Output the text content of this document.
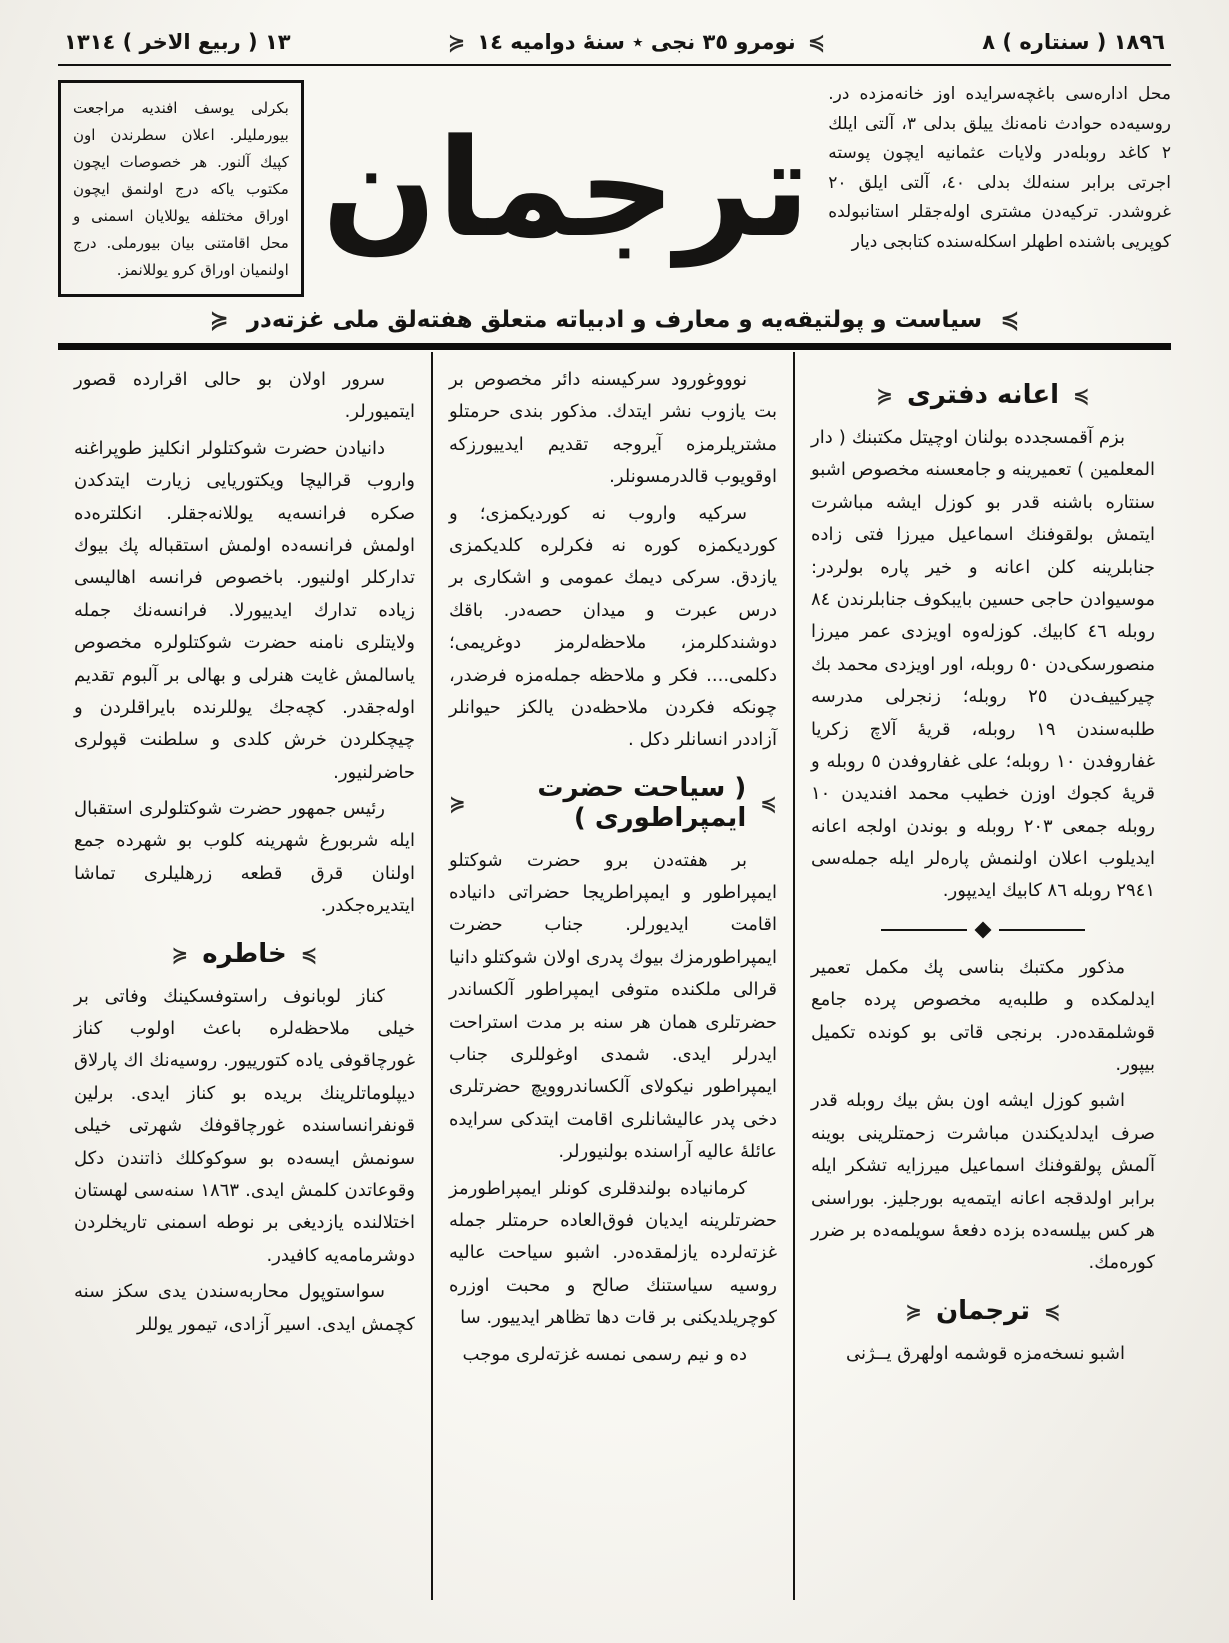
١٨٩٦ ( سنتاره ) ٨
≽
نومرو ٣٥ نجى ٭ سنهٔ دواميه ١٤
≼
١٣ ( ربيع الاخر ) ١٣١٤
محل اداره‌سى باغچه‌سرايده اوز خانه‌مزده در. روسيه‌ده حوادث نامه‌نك ييلق بدلى ٣، آلتى ايلك ٢ كاغد روبله‌در ولايات عثمانيه ايچون پوسته اجرتى برابر سنه‌لك بدلى ٤٠، آلتى ايلق ٢٠ غروشدر. تركيه‌دن مشترى اوله‌جقلر استانبولده كوپريى باشنده اطهلر اسكله‌سنده كتابجى ديار
ترجمان
بكرلى يوسف افنديه مراجعت بيورمليلر. اعلان سطرندن اون كپيك آلنور. هر خصوصات ايچون مكتوب ياكه درج اولنمق ايچون اوراق مختلفه يوللايان اسمنى و محل اقامتنى بيان بيورملى. درج اولنميان اوراق كرو يوللانمز.
≽
سياست و پولتيقه‌يه و معارف و ادبياته متعلق هفته‌لق ملى غزته‌در
≼
≽
اعانه دفترى
≼

بزم آقمسجدده بولنان اوچيتل مكتبنك ( دار المعلمين ) تعميرينه و جامعسنه مخصوص اشبو سنتاره باشنه قدر بو كوزل ايشه مباشرت ايتمش بولقوفنك اسماعيل ميرزا فتى زاده جنابلرينه كلن اعانه و خير پاره بولردر: موسيوادن حاجى حسين بايبكوف جنابلرندن ٨٤ روبله ٤٦ كابيك. كوزله‌وه اويزدى عمر ميرزا منصورسكى‌دن ٥٠ روبله، اور اويزدى محمد بك چيركييف‌دن ٢٥ روبله؛ زنجرلى مدرسه طلبه‌سندن ١٩ روبله، قريهٔ آلاچ زكريا غفاروفدن ١٠ روبله؛ على غفاروفدن ٥ روبله و قريهٔ كجوك اوزن خطيب محمد افنديدن ١٠ روبله جمعى ٢٠٣ روبله و بوندن اولجه اعانه ايديلوب اعلان اولنمش پاره‌لر ايله جمله‌سى ٢٩٤١ روبله ٨٦ كابيك ايديپور.

مذكور مكتبك بناسى پك مكمل تعمير ايدلمكده و طلبه‌يه مخصوص پرده جامع قوشلمقده‌در. برنجى قاتى بو كونده تكميل بيپور.

اشبو كوزل ايشه اون بش بيك روبله قدر صرف ايدلديكندن مباشرت زحمتلرينى بوينه آلمش پولقوفنك اسماعيل ميرزايه تشكر ايله برابر اولدقجه اعانه ايتمه‌يه بورجليز. بوراسنى هر كس بيلسه‌ده بزده دفعهٔ سويلمه‌ده بر ضرر كوره‌مك.

≽
ترجمان
≼

اشبو نسخه‌مزه قوشمه اولهرق يــژنى

نوووغورود سركيسنه دائر مخصوص بر بت يازوب نشر ايتدك. مذكور بندى حرمتلو مشتريلرمزه آيروجه تقديم ايدييورزكه اوقويوب قالدرمسونلر.

سركيه واروب نه كورديكمزى؛ و كورديكمزه كوره نه فكرلره كلديكمزى يازدق. سركى ديمك عمومى و اشكارى بر درس عبرت و ميدان حصه‌در. باقك دوشندكلرمز، ملاحظه‌لرمز دوغريمى؛ دكلمى.... فكر و ملاحظه جمله‌مزه فرضدر، چونكه فكردن ملاحظه‌دن يالكز حيوانلر آزاددر انسانلر دكل .

≽
( سياحت حضرت ايمپراطورى )
≼

بر هفته‌دن برو حضرت شوكتلو ايمپراطور و ايمپراطريجا حضراتى دانياده اقامت ايديورلر. جناب حضرت ايمپراطورمزك بيوك پدرى اولان شوكتلو دانيا قرالى ملكنده متوفى ايمپراطور آلكساندر حضرتلرى همان هر سنه بر مدت استراحت ايدرلر ايدى. شمدى اوغوللرى جناب ايمپراطور نيكولاى آلكساندروويچ حضرتلرى دخى پدر عاليشانلرى اقامت ايتدكى سرايده عائلهٔ عاليه آراسنده بولنيورلر.

كرمانياده بولندقلرى كونلر ايمپراطورمز حضرتلرينه ايديان فوق‌العاده حرمتلر جمله غزته‌لرده يازلمقده‌در. اشبو سياحت عاليه روسيه سياستنك صالح و محبت اوزره كوچريلديكنى بر قات دها تظاهر ايدييور. سا

ده و نيم رسمى نمسه غزته‌لرى موجب

سرور اولان بو حالى اقرارده قصور ايتميورلر.

دانيادن حضرت شوكتلولر انكليز طوپراغنه واروب قراليچا ويكتوريايى زيارت ايتدكدن صكره فرانسه‌يه يوللانه‌جقلر. انكلتره‌ده اولمش فرانسه‌ده اولمش استقباله پك بيوك تداركلر اولنيور. باخصوص فرانسه اهاليسى زياده تدارك ايدييورلا. فرانسه‌نك جمله ولايتلرى نامنه حضرت شوكتلولره مخصوص ياسالمش غايت هنرلى و بهالى بر آلبوم تقديم اوله‌جقدر. كچه‌جك يوللرنده بايراقلردن و چيچكلردن خرش كلدى و سلطنت قپولرى حاضرلنيور.

رئيس جمهور حضرت شوكتلولرى استقبال ايله شربورغ شهرينه كلوب بو شهرده جمع اولنان قرق قطعه زرهليلرى تماشا ايتديره‌جكدر.

≽
خاطره
≼

كناز لوبانوف راستوفسكينك وفاتى بر خيلى ملاحظه‌لره باعث اولوب كناز غورچاقوفى ياده كتورييور. روسيه‌نك اك پارلاق ديپلوماتلرينك بريده بو كناز ايدى. برلين قونفرانساسنده غورچاقوفك شهرتى خيلى سونمش ايسه‌ده بو سوكوكلك ذاتندن دكل وقوعاتدن كلمش ايدى. ١٨٦٣ سنه‌سى لهستان اختلالنده يازديغى بر نوطه اسمنى تاريخلردن دوشرمامه‌يه كافيدر.

سواستوپول محاربه‌سندن يدى سكز سنه كچمش ايدى. اسير آزادى، تيمور يوللر
